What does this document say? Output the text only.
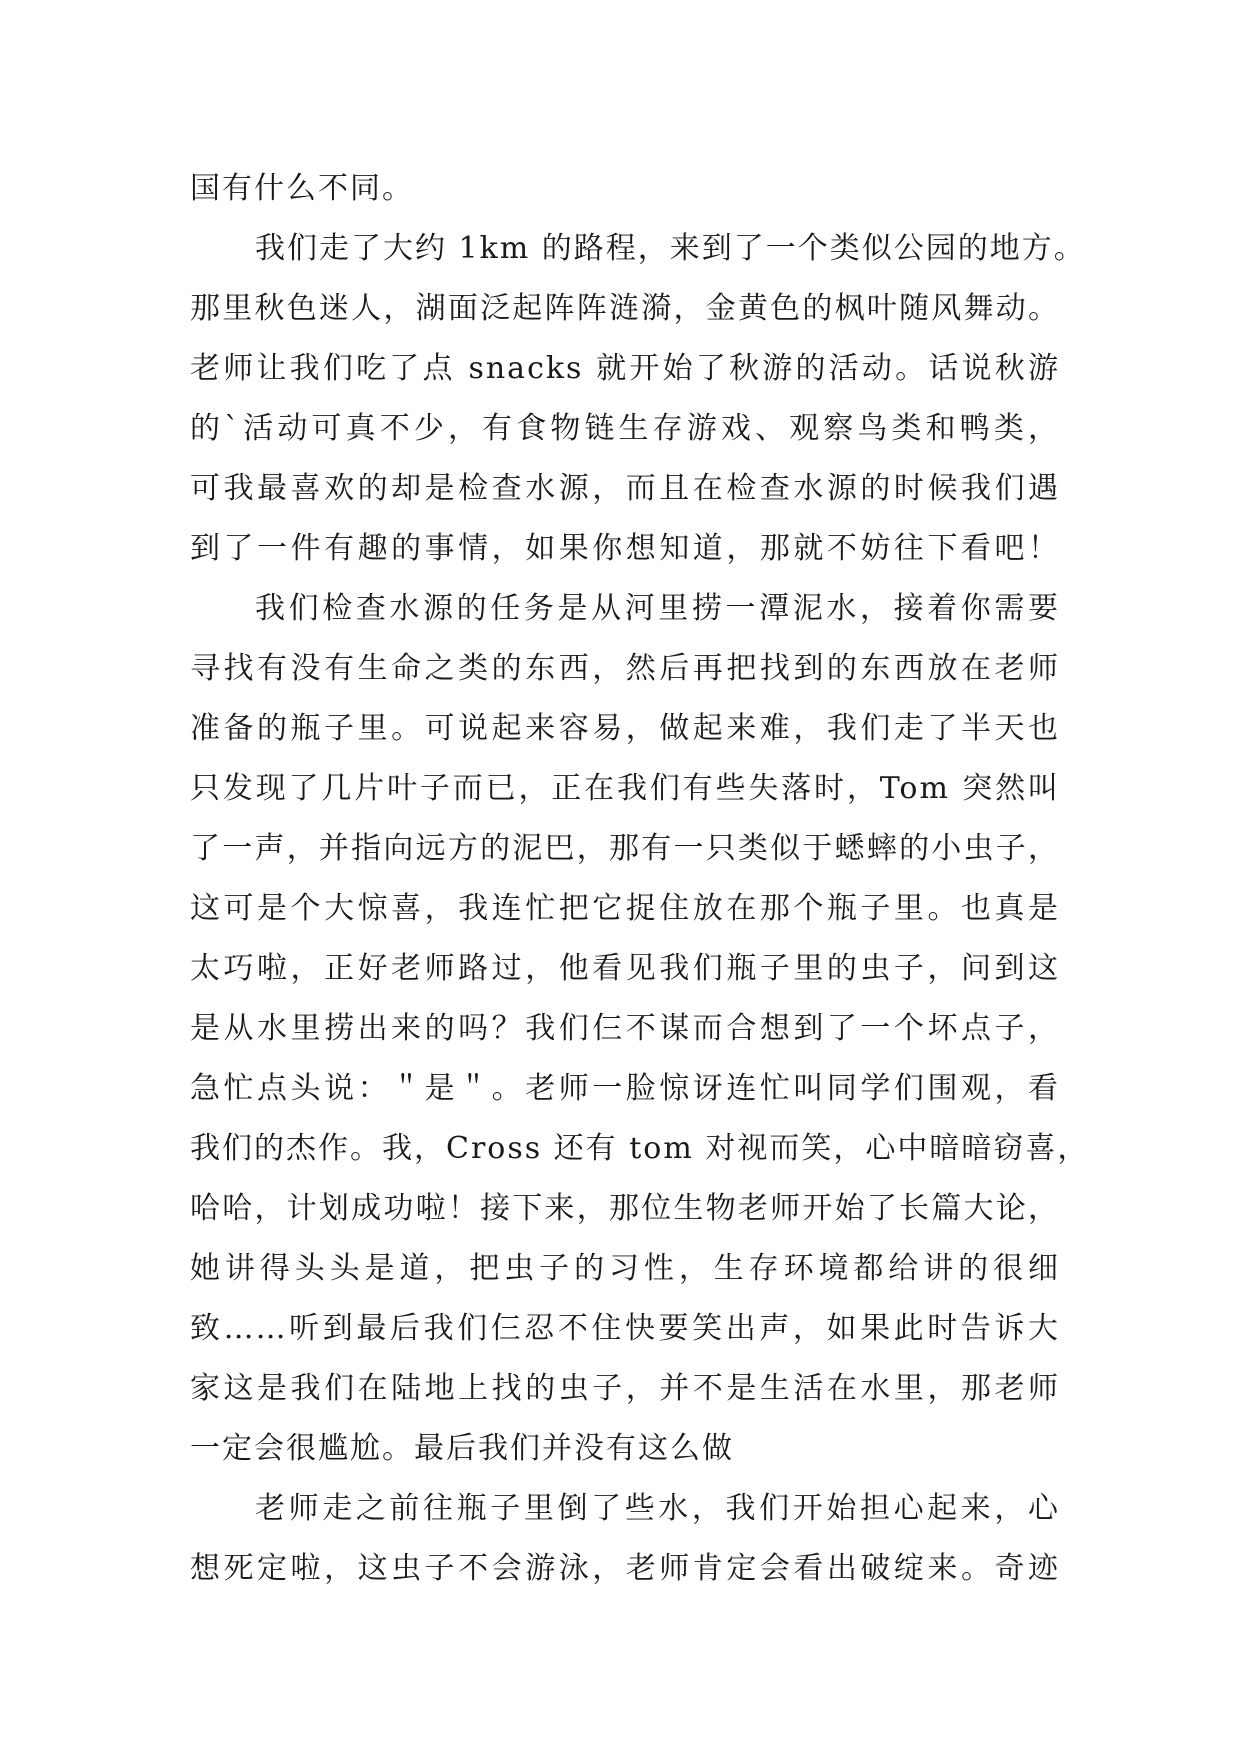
国有什么不同。
我们走了大约 1km 的路程，来到了一个类似公园的地方。
那里秋色迷人，湖面泛起阵阵涟漪，金黄色的枫叶随风舞动。
老师让我们吃了点 snacks 就开始了秋游的活动。话说秋游
的`活动可真不少，有食物链生存游戏、观察鸟类和鸭类，
可我最喜欢的却是检查水源，而且在检查水源的时候我们遇
到了一件有趣的事情，如果你想知道，那就不妨往下看吧！
我们检查水源的任务是从河里捞一潭泥水，接着你需要
寻找有没有生命之类的东西，然后再把找到的东西放在老师
准备的瓶子里。可说起来容易，做起来难，我们走了半天也
只发现了几片叶子而已，正在我们有些失落时，Tom 突然叫
了一声，并指向远方的泥巴，那有一只类似于蟋蟀的小虫子，
这可是个大惊喜，我连忙把它捉住放在那个瓶子里。也真是
太巧啦，正好老师路过，他看见我们瓶子里的虫子，问到这
是从水里捞出来的吗？我们仨不谋而合想到了一个坏点子，
急忙点头说：＂是＂。老师一脸惊讶连忙叫同学们围观，看
我们的杰作。我，Cross 还有 tom 对视而笑，心中暗暗窃喜，
哈哈，计划成功啦！接下来，那位生物老师开始了长篇大论，
她讲得头头是道，把虫子的习性，生存环境都给讲的很细
致……听到最后我们仨忍不住快要笑出声，如果此时告诉大
家这是我们在陆地上找的虫子，并不是生活在水里，那老师
一定会很尴尬。最后我们并没有这么做
老师走之前往瓶子里倒了些水，我们开始担心起来，心
想死定啦，这虫子不会游泳，老师肯定会看出破绽来。奇迹
